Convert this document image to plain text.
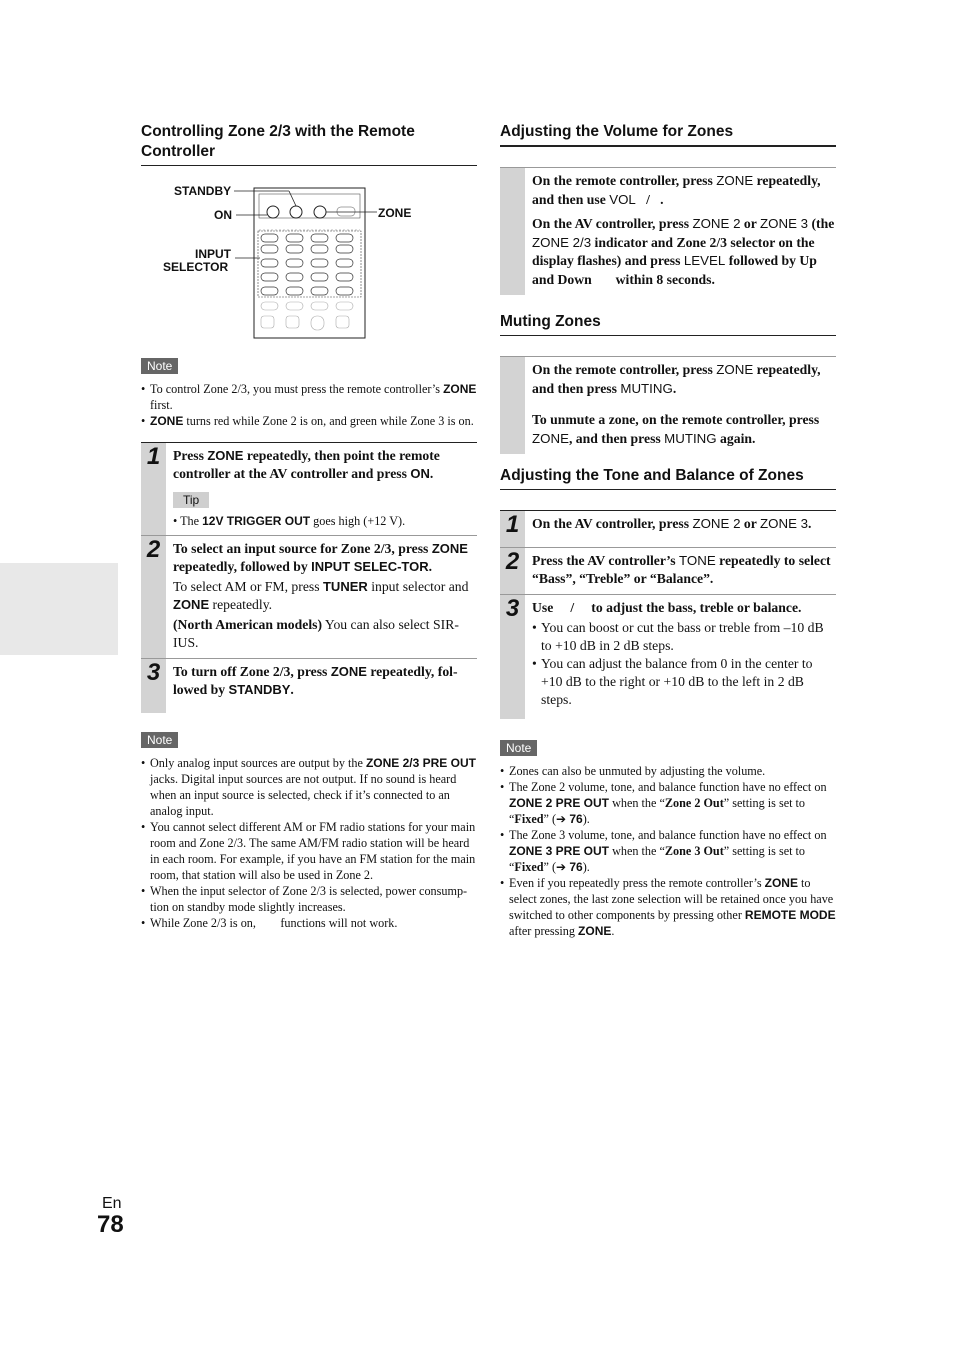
Controlling Zone 2/3 with the Remote Controller
STANDBY
ON
INPUT
SELECTOR
ZONE
Note
• To control Zone 2/3, you must press the remote controller’s ZONE first.
• ZONE turns red while Zone 2 is on, and green while Zone 3 is on.
1 Press ZONE repeatedly, then point the remote controller at the AV controller and press ON.

Tip
• The 12V TRIGGER OUT goes high (+12 V).
2 To select an input source for Zone 2/3, press ZONE repeatedly, followed by INPUT SELEC-TOR.

To select AM or FM, press TUNER input selector and ZONE repeatedly.

(North American models) You can also select SIR-IUS.

3 To turn off Zone 2/3, press ZONE repeatedly, fol-lowed by STANDBY.

Note
• Only analog input sources are output by the ZONE 2/3 PRE OUT jacks. Digital input sources are not output. If no sound is heard when an input source is selected, check if it’s connected to an analog input.
• You cannot select different AM or FM radio stations for your main room and Zone 2/3. The same AM/FM radio station will be heard in each room. For example, if you have an FM station for the main room, that station will also be used in Zone 2.
• When the input selector of Zone 2/3 is selected, power consump-tion on standby mode slightly increases.
• While Zone 2/3 is on,        functions will not work.
Adjusting the Volume for Zones

On the remote controller, press ZONE repeatedly, and then use VOL   /   .

On the AV controller, press ZONE 2 or ZONE 3 (the ZONE 2/3 indicator and Zone 2/3 selector on the display flashes) and press LEVEL followed by Up       and Down       within 8 seconds.

Muting Zones

On the remote controller, press ZONE repeatedly, and then press MUTING.

To unmute a zone, on the remote controller, press ZONE, and then press MUTING again.

Adjusting the Tone and Balance of Zones
1 On the AV controller, press ZONE 2 or ZONE 3.

2 Press the AV controller’s TONE repeatedly to select “Bass”, “Treble” or “Balance”.

3 Use     /     to adjust the bass, treble or balance.

• You can boost or cut the bass or treble from –10 dB to +10 dB in 2 dB steps.
• You can adjust the balance from 0 in the center to +10 dB to the right or +10 dB to the left in 2 dB steps.
Note
• Zones can also be unmuted by adjusting the volume.
• The Zone 2 volume, tone, and balance function have no effect on ZONE 2 PRE OUT when the “Zone 2 Out” setting is set to “Fixed” (➔ 76).
• The Zone 3 volume, tone, and balance function have no effect on ZONE 3 PRE OUT when the “Zone 3 Out” setting is set to “Fixed” (➔ 76).
• Even if you repeatedly press the remote controller’s ZONE to select zones, the last zone selection will be retained once you have switched to other components by pressing other REMOTE MODE after pressing ZONE.
En
78
